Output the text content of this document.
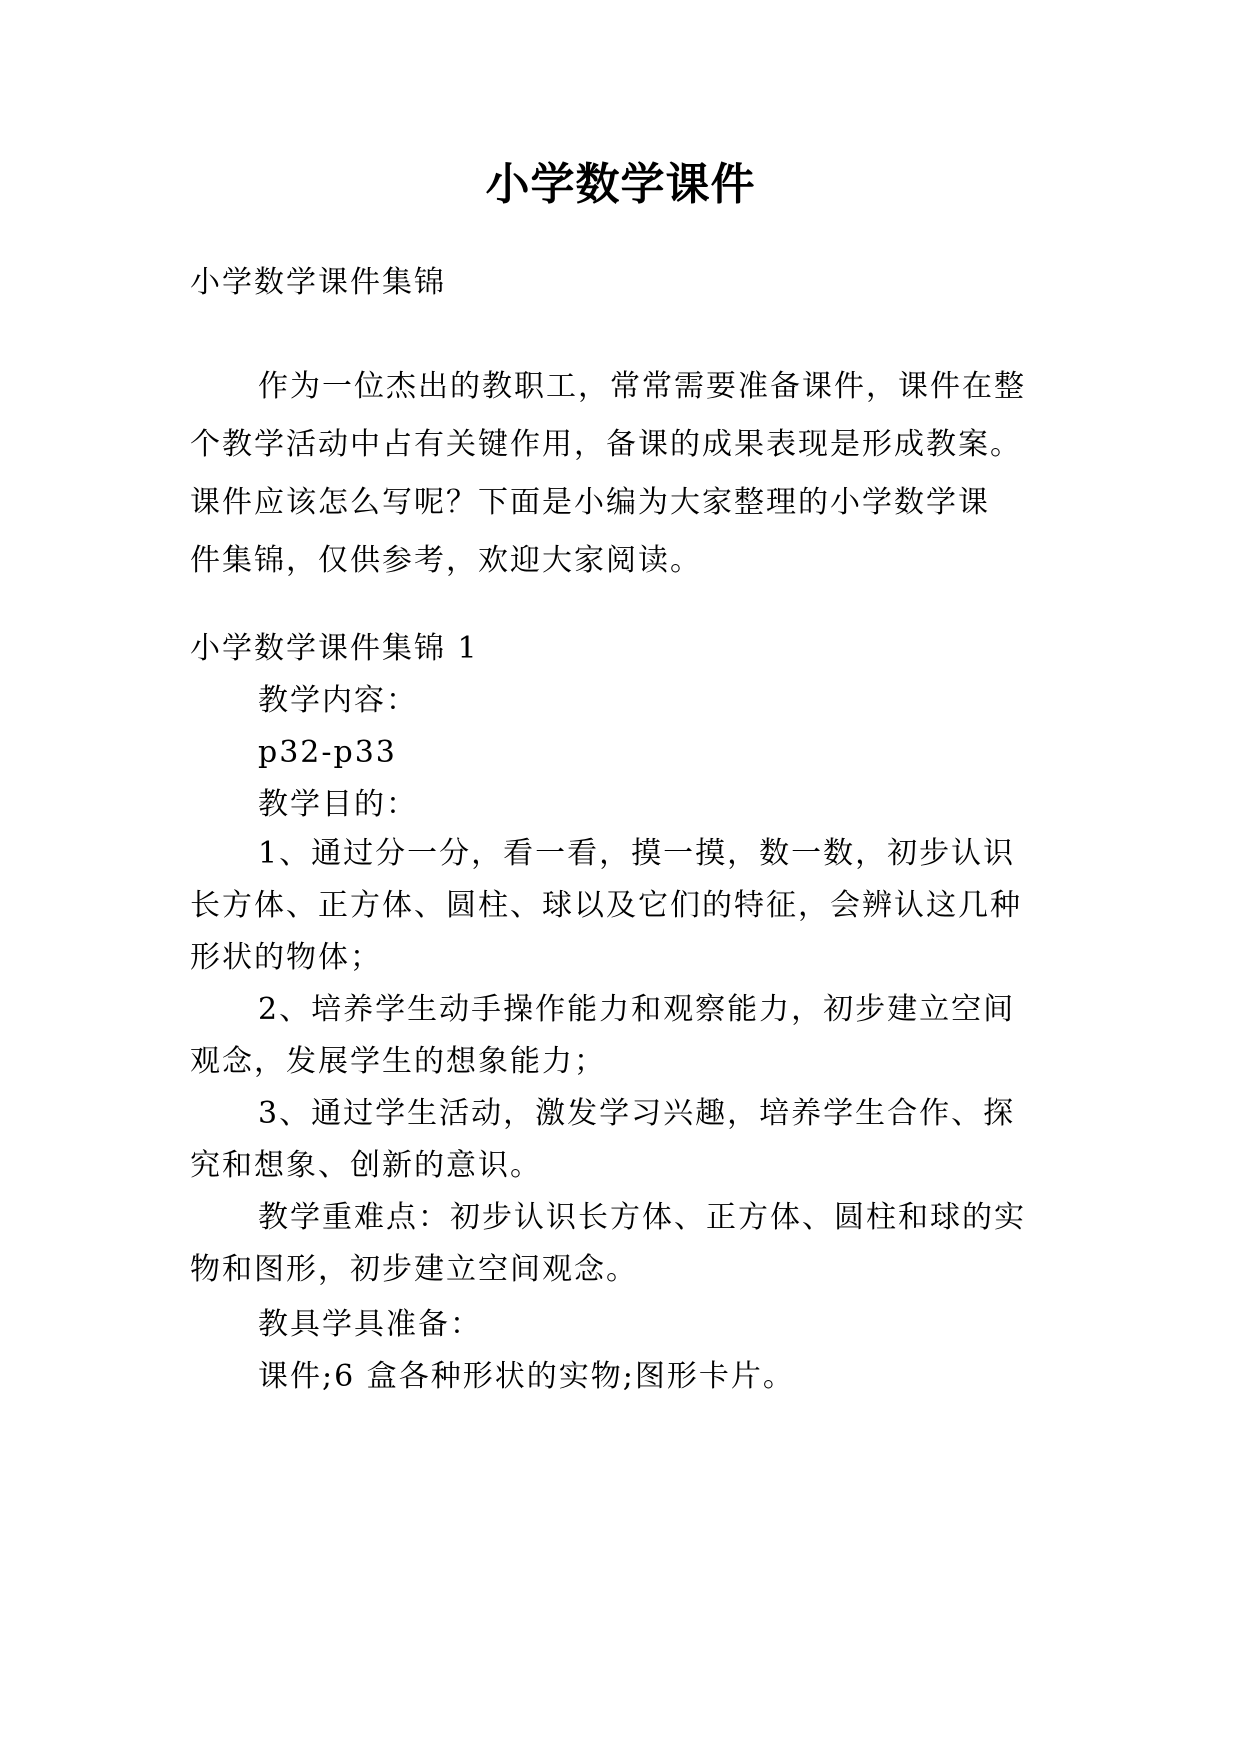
小学数学课件
小学数学课件集锦
作为一位杰出的教职工，常常需要准备课件，课件在整
个教学活动中占有关键作用，备课的成果表现是形成教案。
课件应该怎么写呢？下面是小编为大家整理的小学数学课
件集锦，仅供参考，欢迎大家阅读。
小学数学课件集锦 1
教学内容：
p32-p33
教学目的：
1、通过分一分，看一看，摸一摸，数一数，初步认识
长方体、正方体、圆柱、球以及它们的特征，会辨认这几种
形状的物体；
2、培养学生动手操作能力和观察能力，初步建立空间
观念，发展学生的想象能力；
3、通过学生活动，激发学习兴趣，培养学生合作、探
究和想象、创新的意识。
教学重难点：初步认识长方体、正方体、圆柱和球的实
物和图形，初步建立空间观念。
教具学具准备：
课件;6 盒各种形状的实物;图形卡片。
